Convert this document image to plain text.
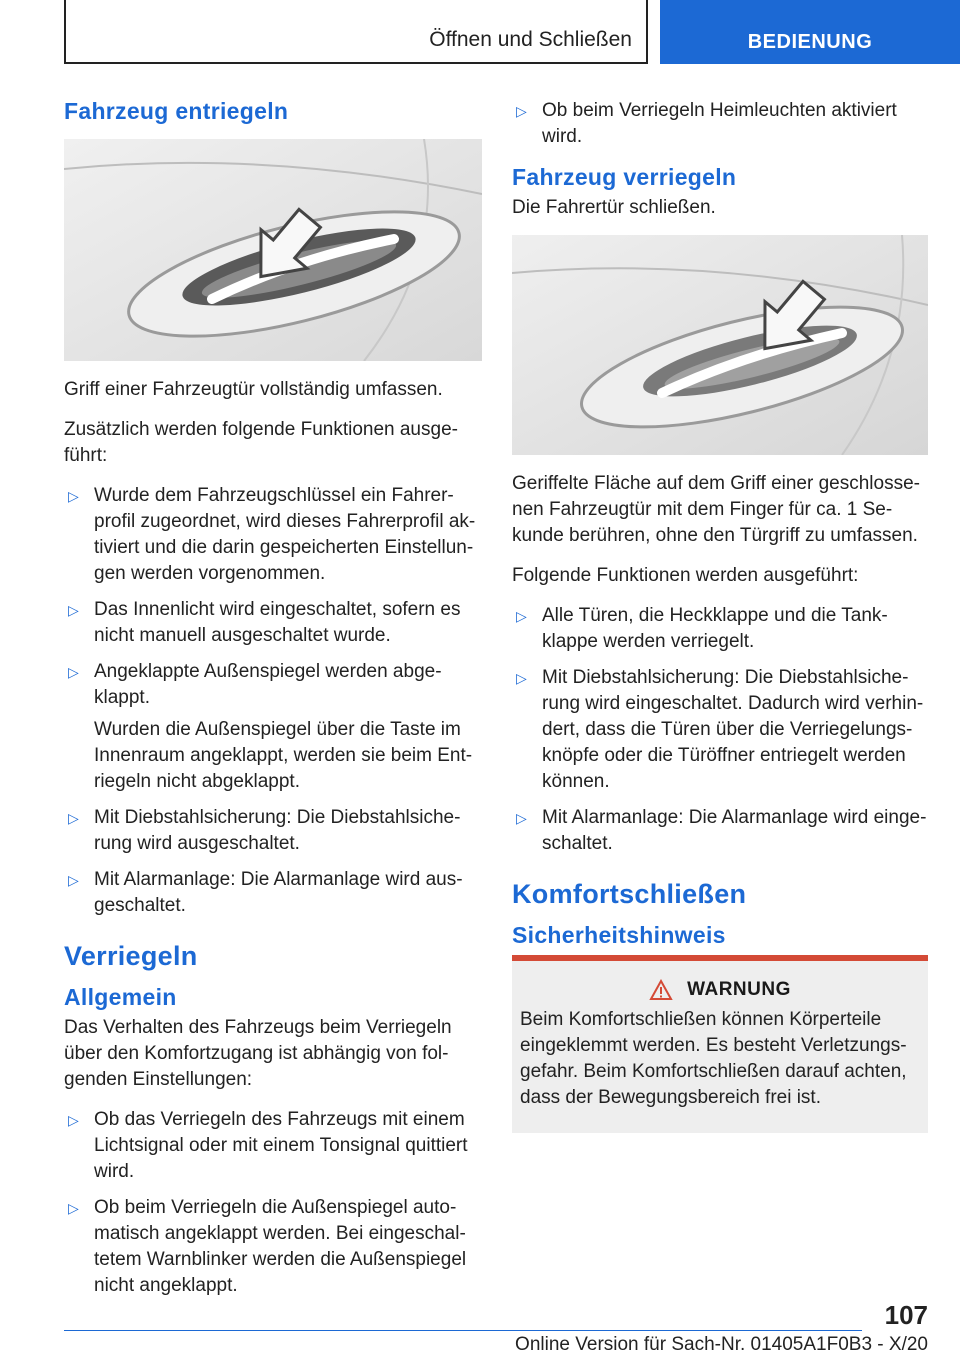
Öffnen und Schließen	BEDIENUNG
Fahrzeug entriegeln

Griff einer Fahrzeugtür vollständig umfassen.

Zusätzlich werden folgende Funktionen ausge-führt:

▷ Wurde dem Fahrzeugschlüssel ein Fahrer-profil zugeordnet, wird dieses Fahrerprofil ak-tiviert und die darin gespeicherten Einstellun-gen werden vorgenommen.
▷ Das Innenlicht wird eingeschaltet, sofern es nicht manuell ausgeschaltet wurde.
▷ Angeklappte Außenspiegel werden abge-klappt.

Wurden die Außenspiegel über die Taste im Innenraum angeklappt, werden sie beim Ent-riegeln nicht abgeklappt.

▷ Mit Diebstahlsicherung: Die Diebstahlsiche-rung wird ausgeschaltet.
▷ Mit Alarmanlage: Die Alarmanlage wird aus-geschaltet.
Verriegeln
Allgemein

Das Verhalten des Fahrzeugs beim Verriegeln über den Komfortzugang ist abhängig von fol-genden Einstellungen:

▷ Ob das Verriegeln des Fahrzeugs mit einem Lichtsignal oder mit einem Tonsignal quittiert wird.
▷ Ob beim Verriegeln die Außenspiegel auto-matisch angeklappt werden. Bei eingeschal-tetem Warnblinker werden die Außenspiegel nicht angeklappt.
▷ Ob beim Verriegeln Heimleuchten aktiviert wird.
Fahrzeug verriegeln

Die Fahrertür schließen.

Geriffelte Fläche auf dem Griff einer geschlosse-nen Fahrzeugtür mit dem Finger für ca. 1 Se-kunde berühren, ohne den Türgriff zu umfassen.

Folgende Funktionen werden ausgeführt:

▷ Alle Türen, die Heckklappe und die Tank-klappe werden verriegelt.
▷ Mit Diebstahlsicherung: Die Diebstahlsiche-rung wird eingeschaltet. Dadurch wird verhin-dert, dass die Türen über die Verriegelungs-knöpfe oder die Türöffner entriegelt werden können.
▷ Mit Alarmanlage: Die Alarmanlage wird einge-schaltet.
Komfortschließen
Sicherheitshinweis
WARNUNG

Beim Komfortschließen können Körperteile eingeklemmt werden. Es besteht Verletzungs-gefahr. Beim Komfortschließen darauf achten, dass der Bewegungsbereich frei ist.

107
Online Version für Sach-Nr. 01405A1F0B3 - X/20
